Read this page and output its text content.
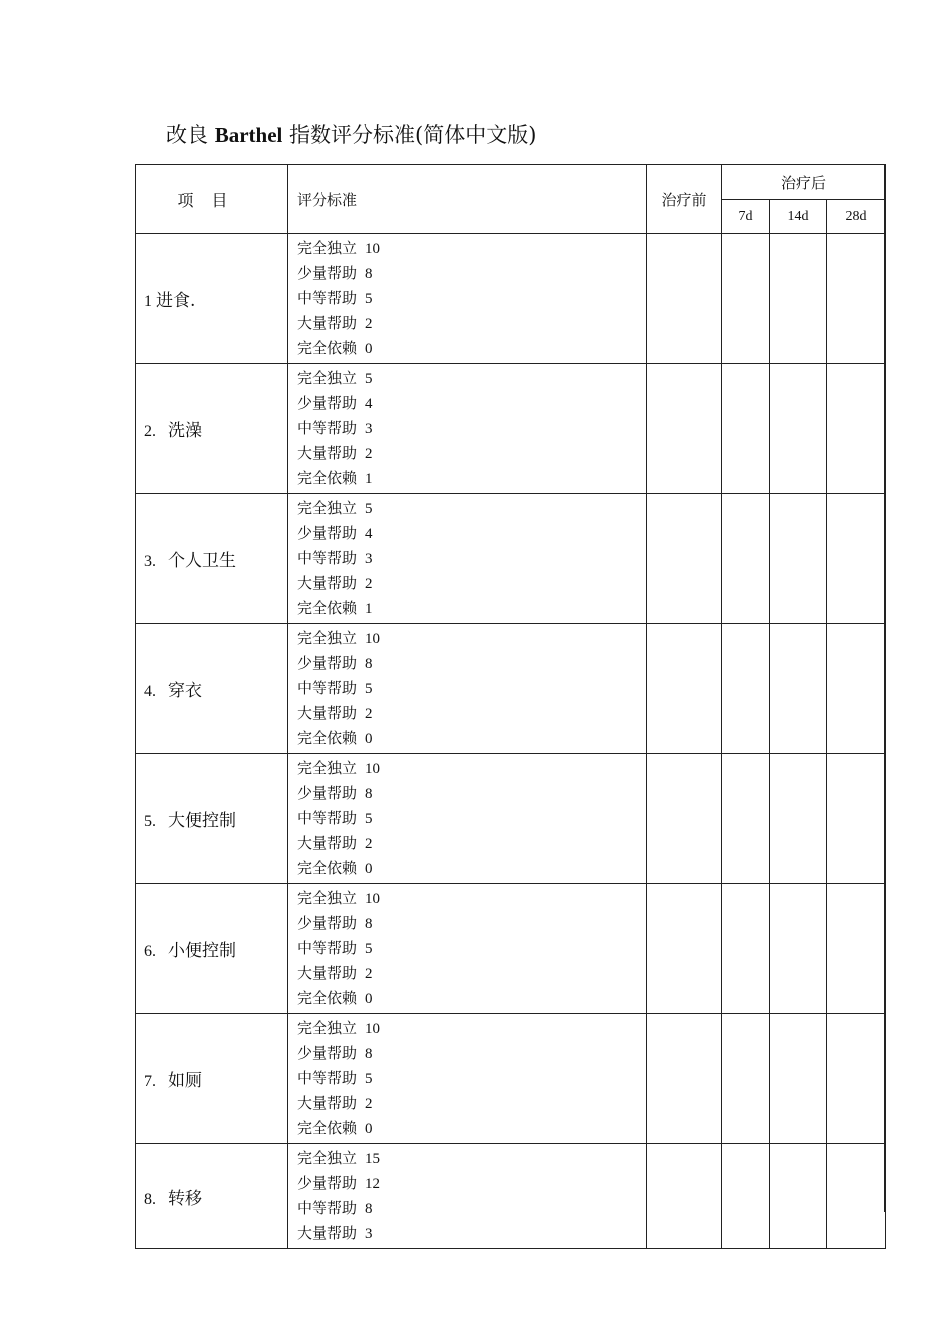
改良 Barthel 指数评分标准(简体中文版)
项目	评分标准	治疗前	治疗后		
			7d	14d	28d
1 进食.	完全独立 10
少量帮助 8
中等帮助 5
大量帮助 2
完全依赖 0				

2. 洗澡	完全独立 5
少量帮助 4
中等帮助 3
大量帮助 2
完全依赖 1				

3. 个人卫生	完全独立 5
少量帮助 4
中等帮助 3
大量帮助 2
完全依赖 1				

4. 穿衣	完全独立 10
少量帮助 8
中等帮助 5
大量帮助 2
完全依赖 0				

5. 大便控制	完全独立 10
少量帮助 8
中等帮助 5
大量帮助 2
完全依赖 0				

6. 小便控制	完全独立 10
少量帮助 8
中等帮助 5
大量帮助 2
完全依赖 0				

7. 如厕	完全独立 10
少量帮助 8
中等帮助 5
大量帮助 2
完全依赖 0				

8. 转移	完全独立 15
少量帮助 12
中等帮助 8
大量帮助 3				
